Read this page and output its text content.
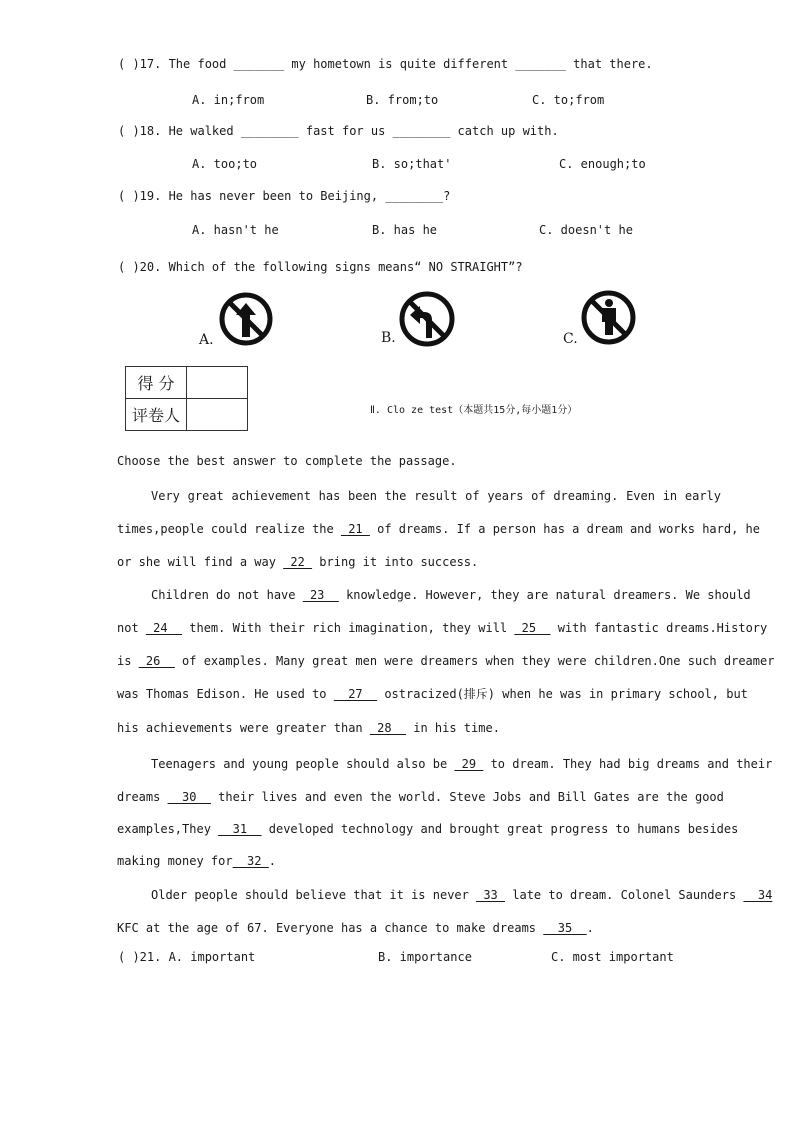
( )17. The food _______ my hometown is quite different _______ that there.
A. in;from	B. from;to	C. to;from
( )18. He walked ________ fast for us ________ catch up with.
A. too;to	B. so;that'	C. enough;to
( )19. He has never been to Beijing, ________?
A. hasn't he	B. has he	C. doesn't he
( )20. Which of the following signs means“ NO STRAIGHT”?
A.	B.	C.
得 分	
评卷人		Ⅱ. Clo ze test（本题共15分,每小题1分）
Choose the best answer to complete the passage.
Very great achievement has been the result of years of dreaming. Even in early
times,people could realize the  21  of dreams. If a person has a dream and works hard, he
or she will find a way  22  bring it into success.
Children do not have  23   knowledge. However, they are natural dreamers. We should
not  24   them. With their rich imagination, they will  25   with fantastic dreams.History
is  26   of examples. Many great men were dreamers when they were children.One such dreamer
was Thomas Edison. He used to   27   ostracized(排斥) when he was in primary school, but
his achievements were greater than  28   in his time.
Teenagers and young people should also be  29  to dream. They had big dreams and their
dreams   30   their lives and even the world. Steve Jobs and Bill Gates are the good
examples,They   31   developed technology and brought great progress to humans besides
making money for  32 .
Older people should believe that it is never  33  late to dream. Colonel Saunders   34
KFC at the age of 67. Everyone has a chance to make dreams   35  .
( )21. A. important	B. importance	C. most important
